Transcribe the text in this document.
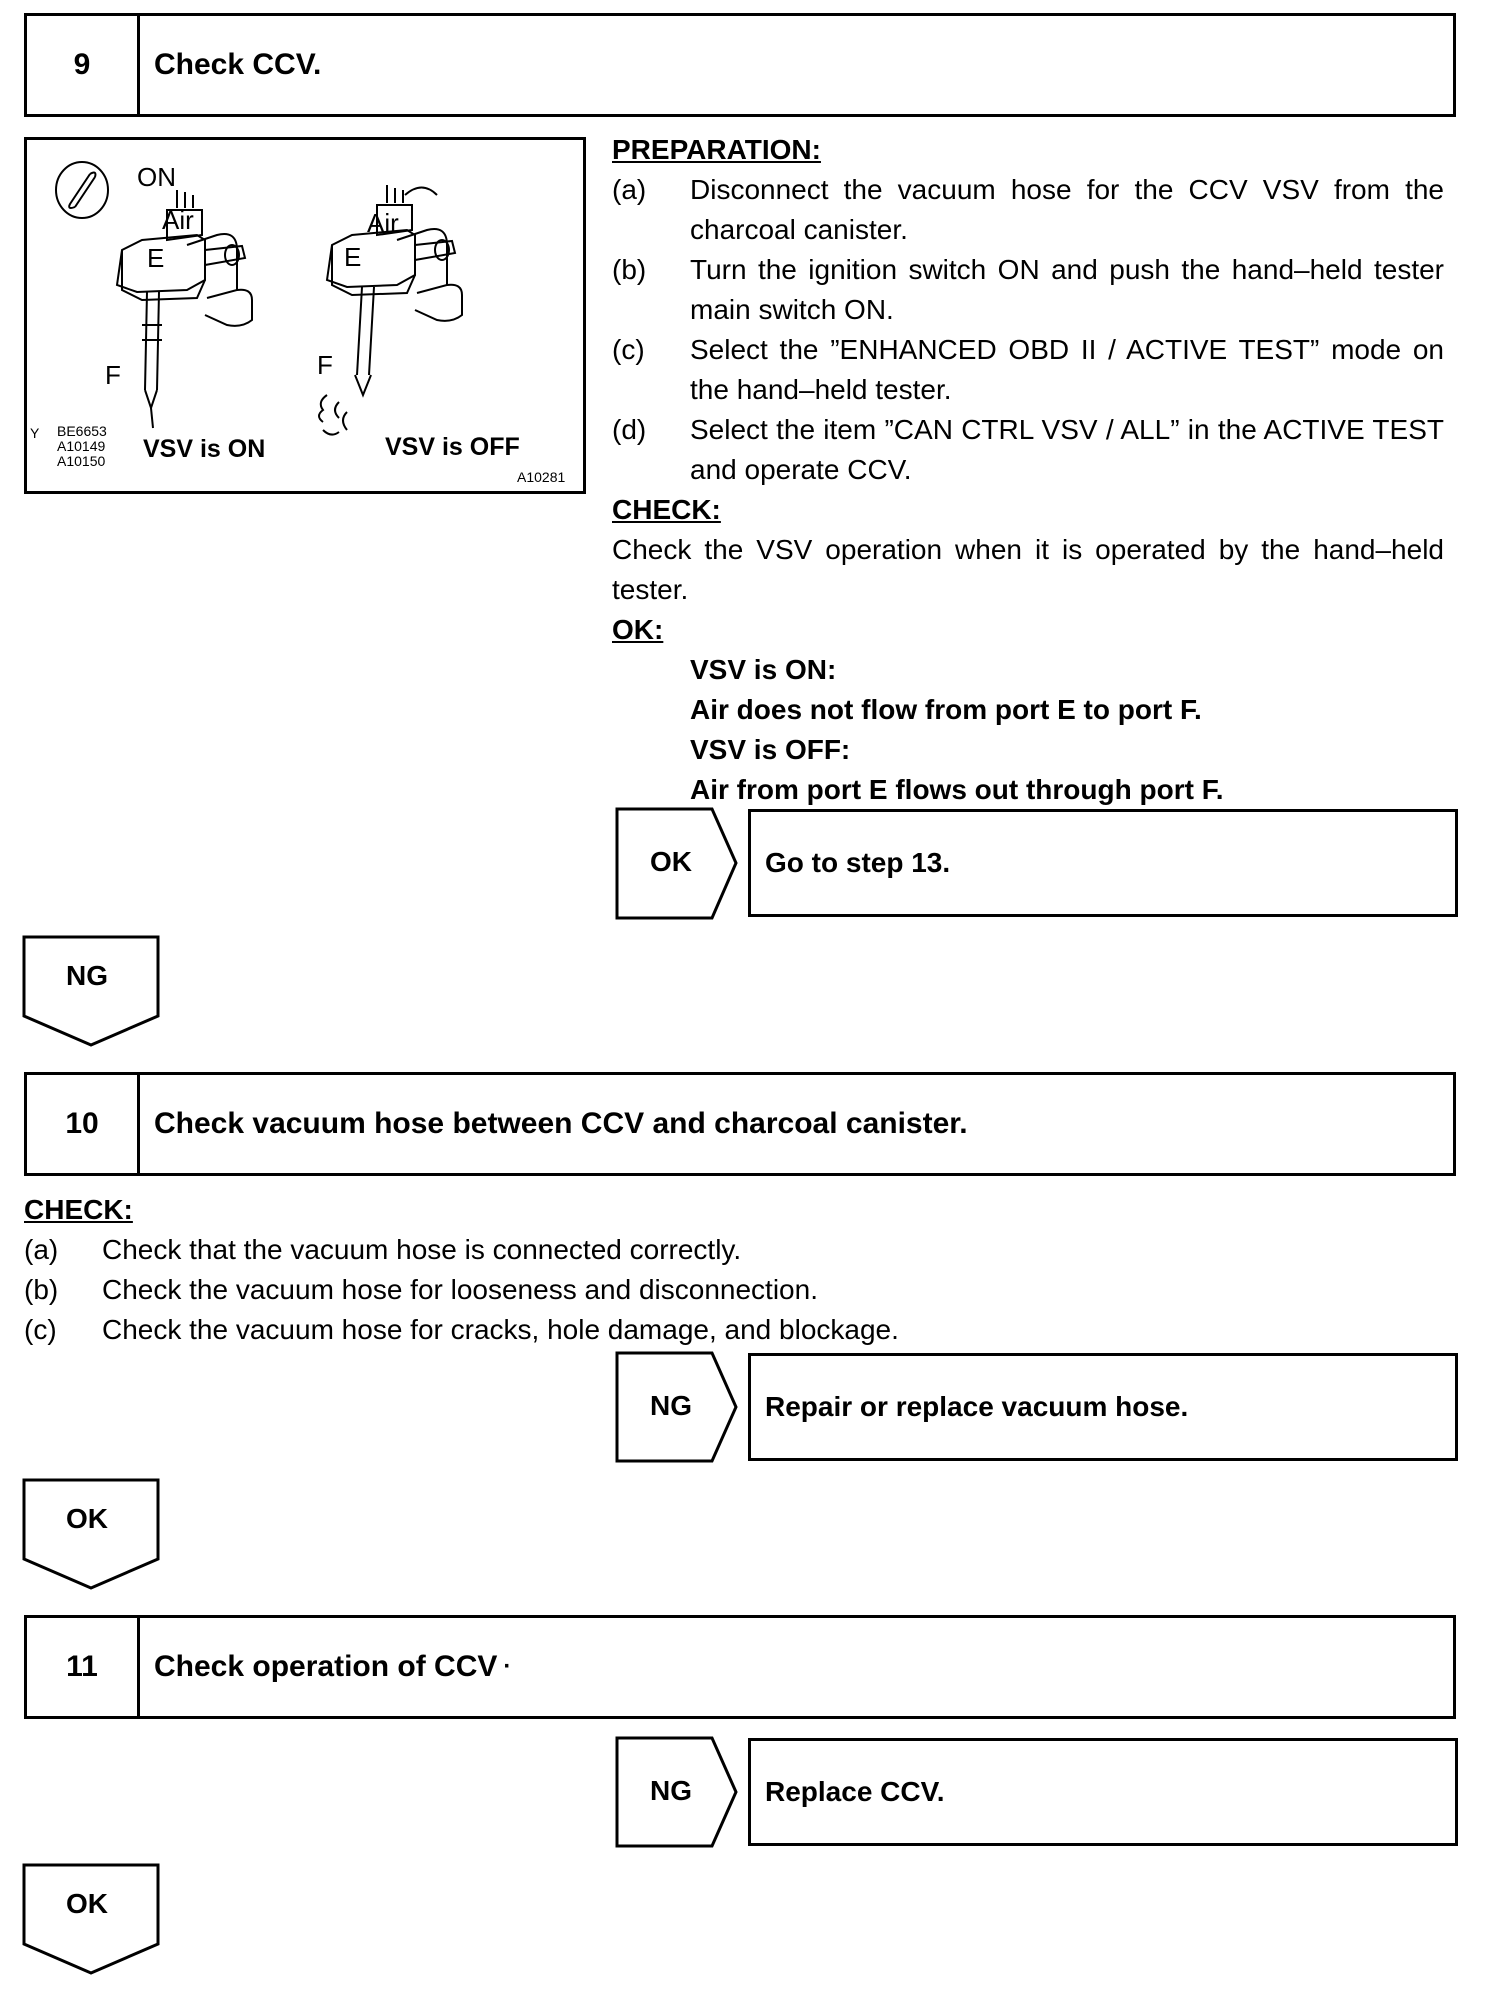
9	Check CCV.
ON
Air
E
F
Air
E
F
Y BE6653
A10149
A10150 VSV is ON	VSV is OFF
A10281
PREPARATION:
(a) Disconnect the vacuum hose for the CCV VSV from the charcoal canister.
(b) Turn the ignition switch ON and push the hand–held tester main switch ON.
(c) Select the ”ENHANCED OBD II / ACTIVE TEST” mode on the hand–held tester.
(d) Select the item ”CAN CTRL VSV / ALL” in the ACTIVE TEST and operate CCV.
CHECK:
Check the VSV operation when it is operated by the hand–held tester.
OK:
VSV is ON:
Air does not flow from port E to port F.
VSV is OFF:
Air from port E flows out through port F.
OK	Go to step 13.
NG
10	Check vacuum hose between CCV and charcoal canister.
CHECK:
(a) Check that the vacuum hose is connected correctly.
(b) Check the vacuum hose for looseness and disconnection.
(c) Check the vacuum hose for cracks, hole damage, and blockage.
NG	Repair or replace vacuum hose.
OK
11	Check operation of CCV ·
NG	Replace CCV.
OK
